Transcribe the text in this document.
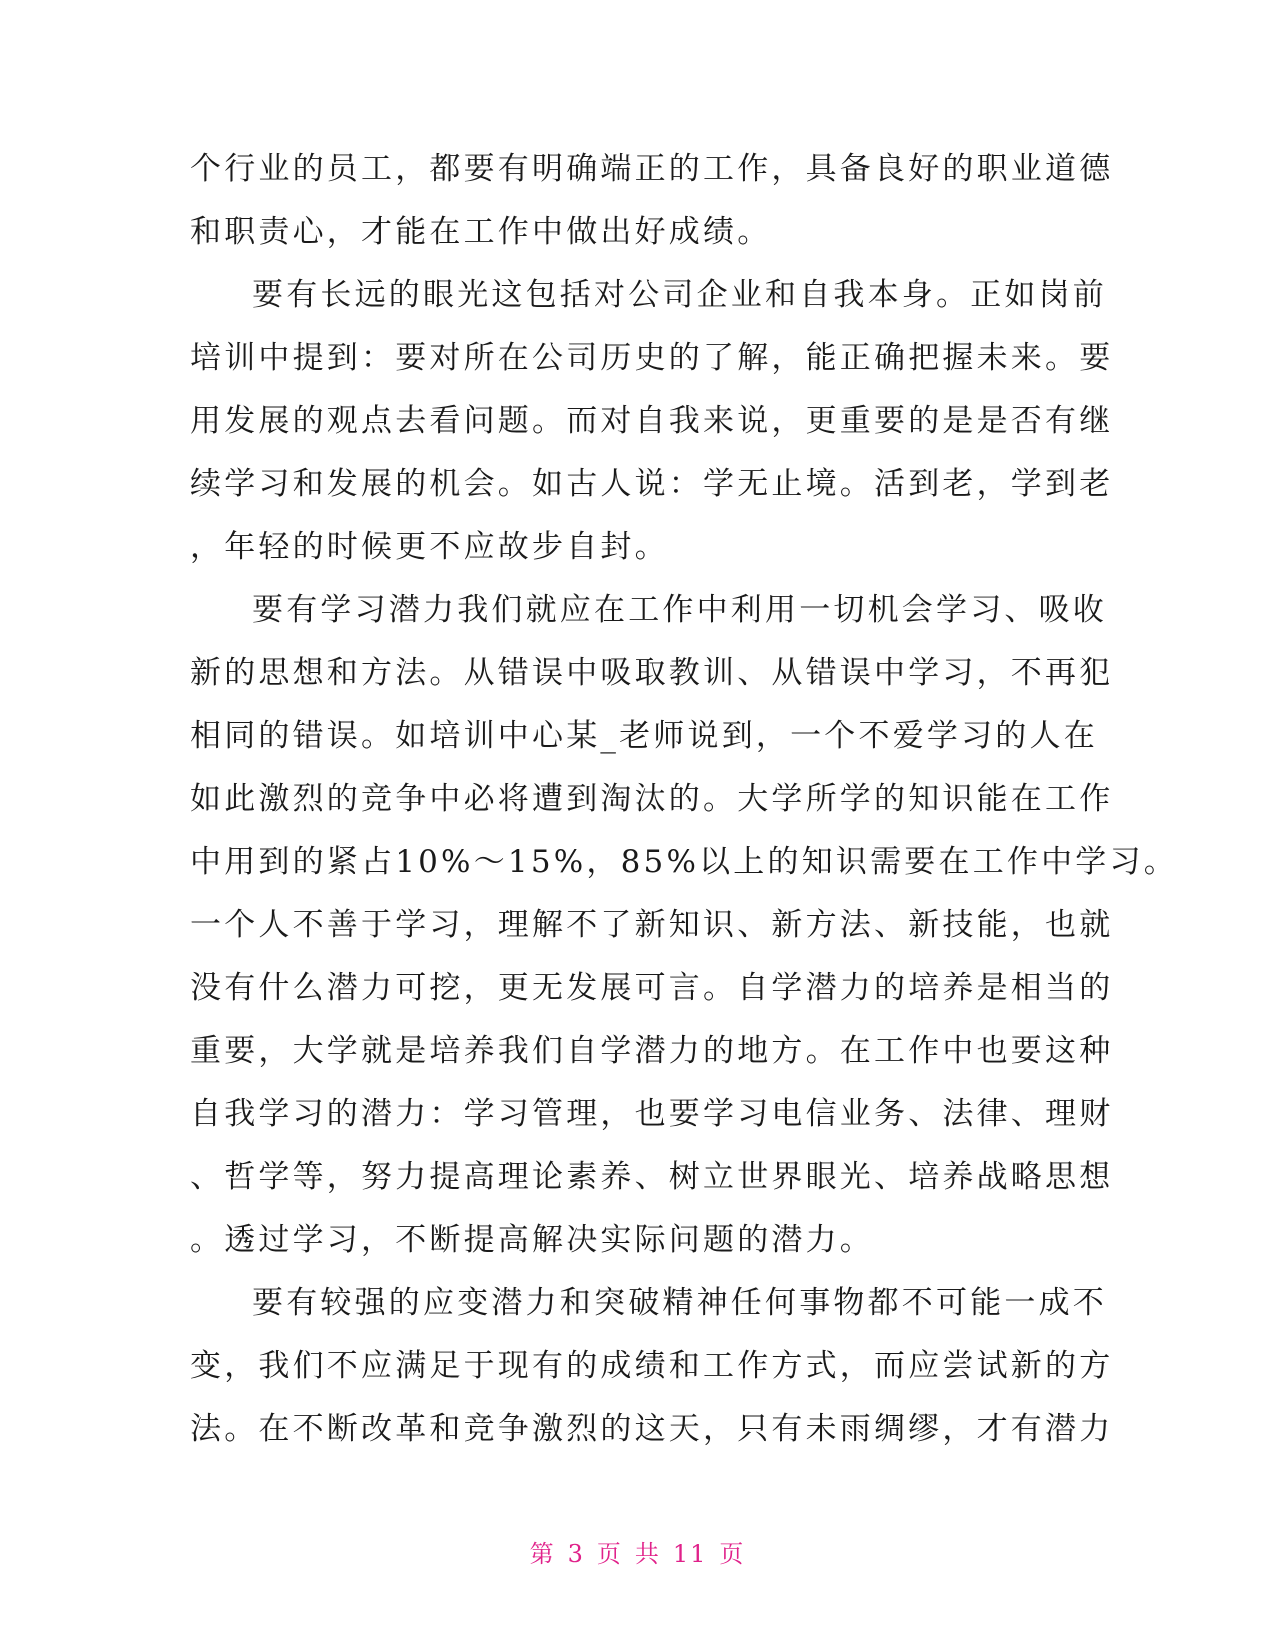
个行业的员工，都要有明确端正的工作，具备良好的职业道德
和职责心，才能在工作中做出好成绩。
要有长远的眼光这包括对公司企业和自我本身。正如岗前
培训中提到：要对所在公司历史的了解，能正确把握未来。要
用发展的观点去看问题。而对自我来说，更重要的是是否有继
续学习和发展的机会。如古人说：学无止境。活到老，学到老
，年轻的时候更不应故步自封。
要有学习潜力我们就应在工作中利用一切机会学习、吸收
新的思想和方法。从错误中吸取教训、从错误中学习，不再犯
相同的错误。如培训中心某_老师说到，一个不爱学习的人在
如此激烈的竞争中必将遭到淘汰的。大学所学的知识能在工作
中用到的紧占10%～15%，85%以上的知识需要在工作中学习。
一个人不善于学习，理解不了新知识、新方法、新技能，也就
没有什么潜力可挖，更无发展可言。自学潜力的培养是相当的
重要，大学就是培养我们自学潜力的地方。在工作中也要这种
自我学习的潜力：学习管理，也要学习电信业务、法律、理财
、哲学等，努力提高理论素养、树立世界眼光、培养战略思想
。透过学习，不断提高解决实际问题的潜力。
要有较强的应变潜力和突破精神任何事物都不可能一成不
变，我们不应满足于现有的成绩和工作方式，而应尝试新的方
法。在不断改革和竞争激烈的这天，只有未雨绸缪，才有潜力
第 3 页 共 11 页
